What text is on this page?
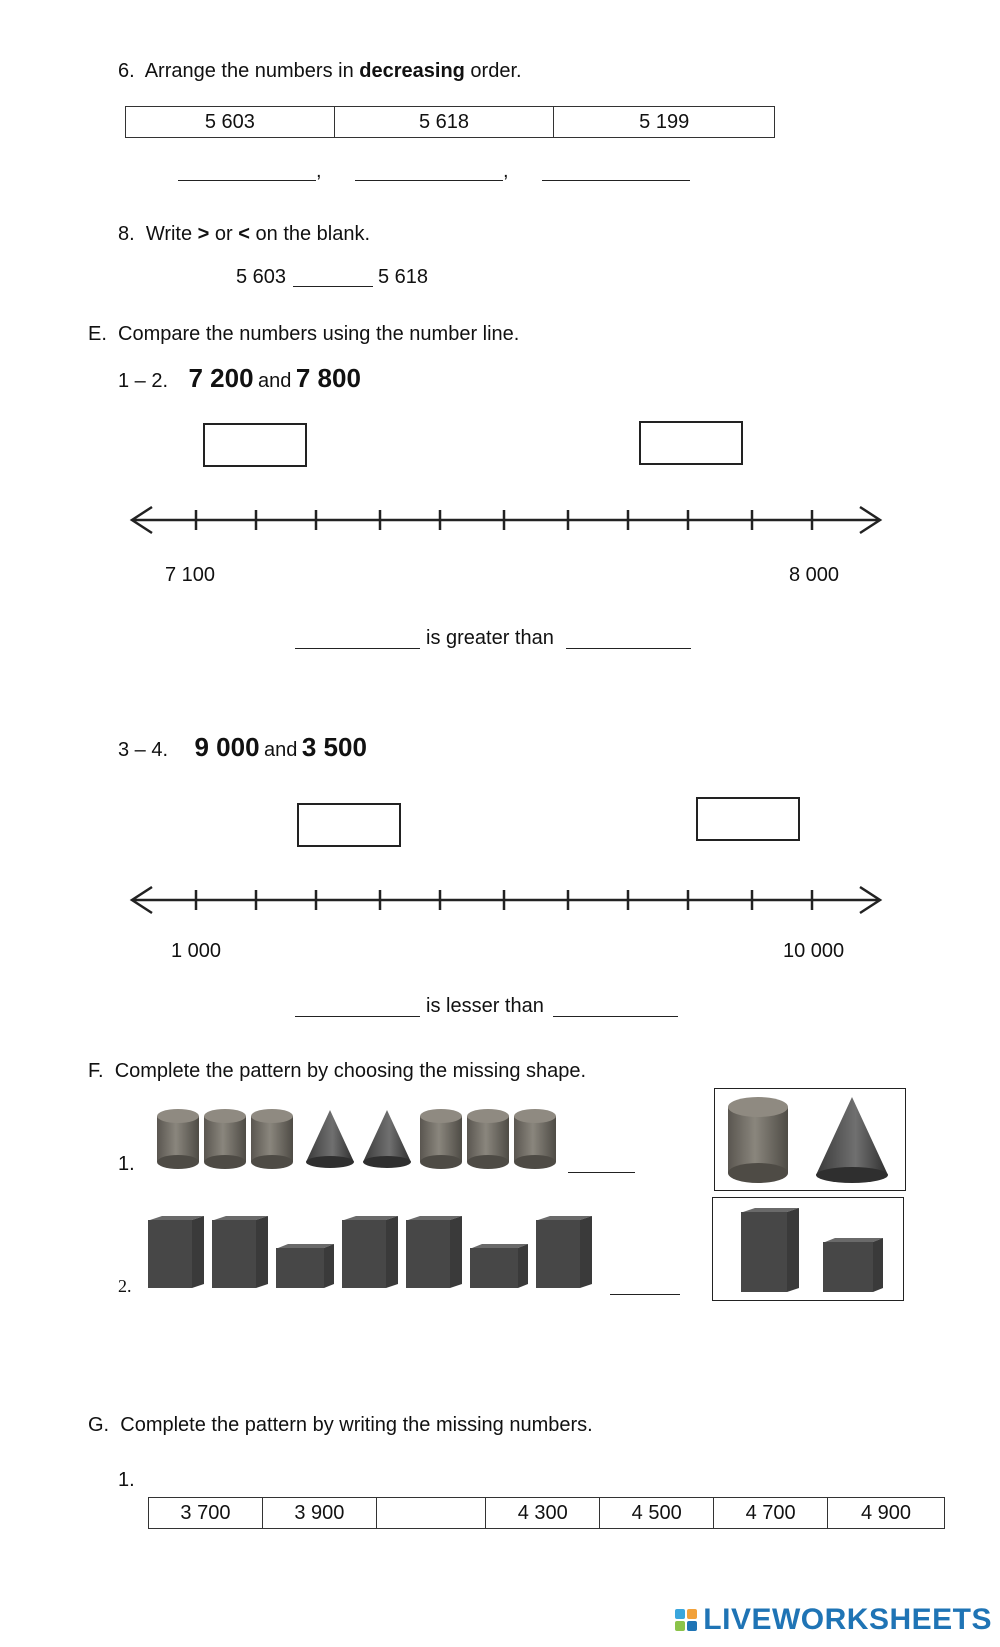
6. Arrange the numbers in decreasing order.
5 603	5 618	5 199
,	,
8. Write > or < on the blank.
5 603	5 618
E. Compare the numbers using the number line.
1 – 2. 7 200 and 7 800
7 100	8 000
is greater than
3 – 4. 9 000 and 3 500
1 000	10 000
is lesser than
F. Complete the pattern by choosing the missing shape.
1.
2.
G. Complete the pattern by writing the missing numbers.
1.
3 700	3 900		4 300	4 500	4 700	4 900
LIVEWORKSHEETS
